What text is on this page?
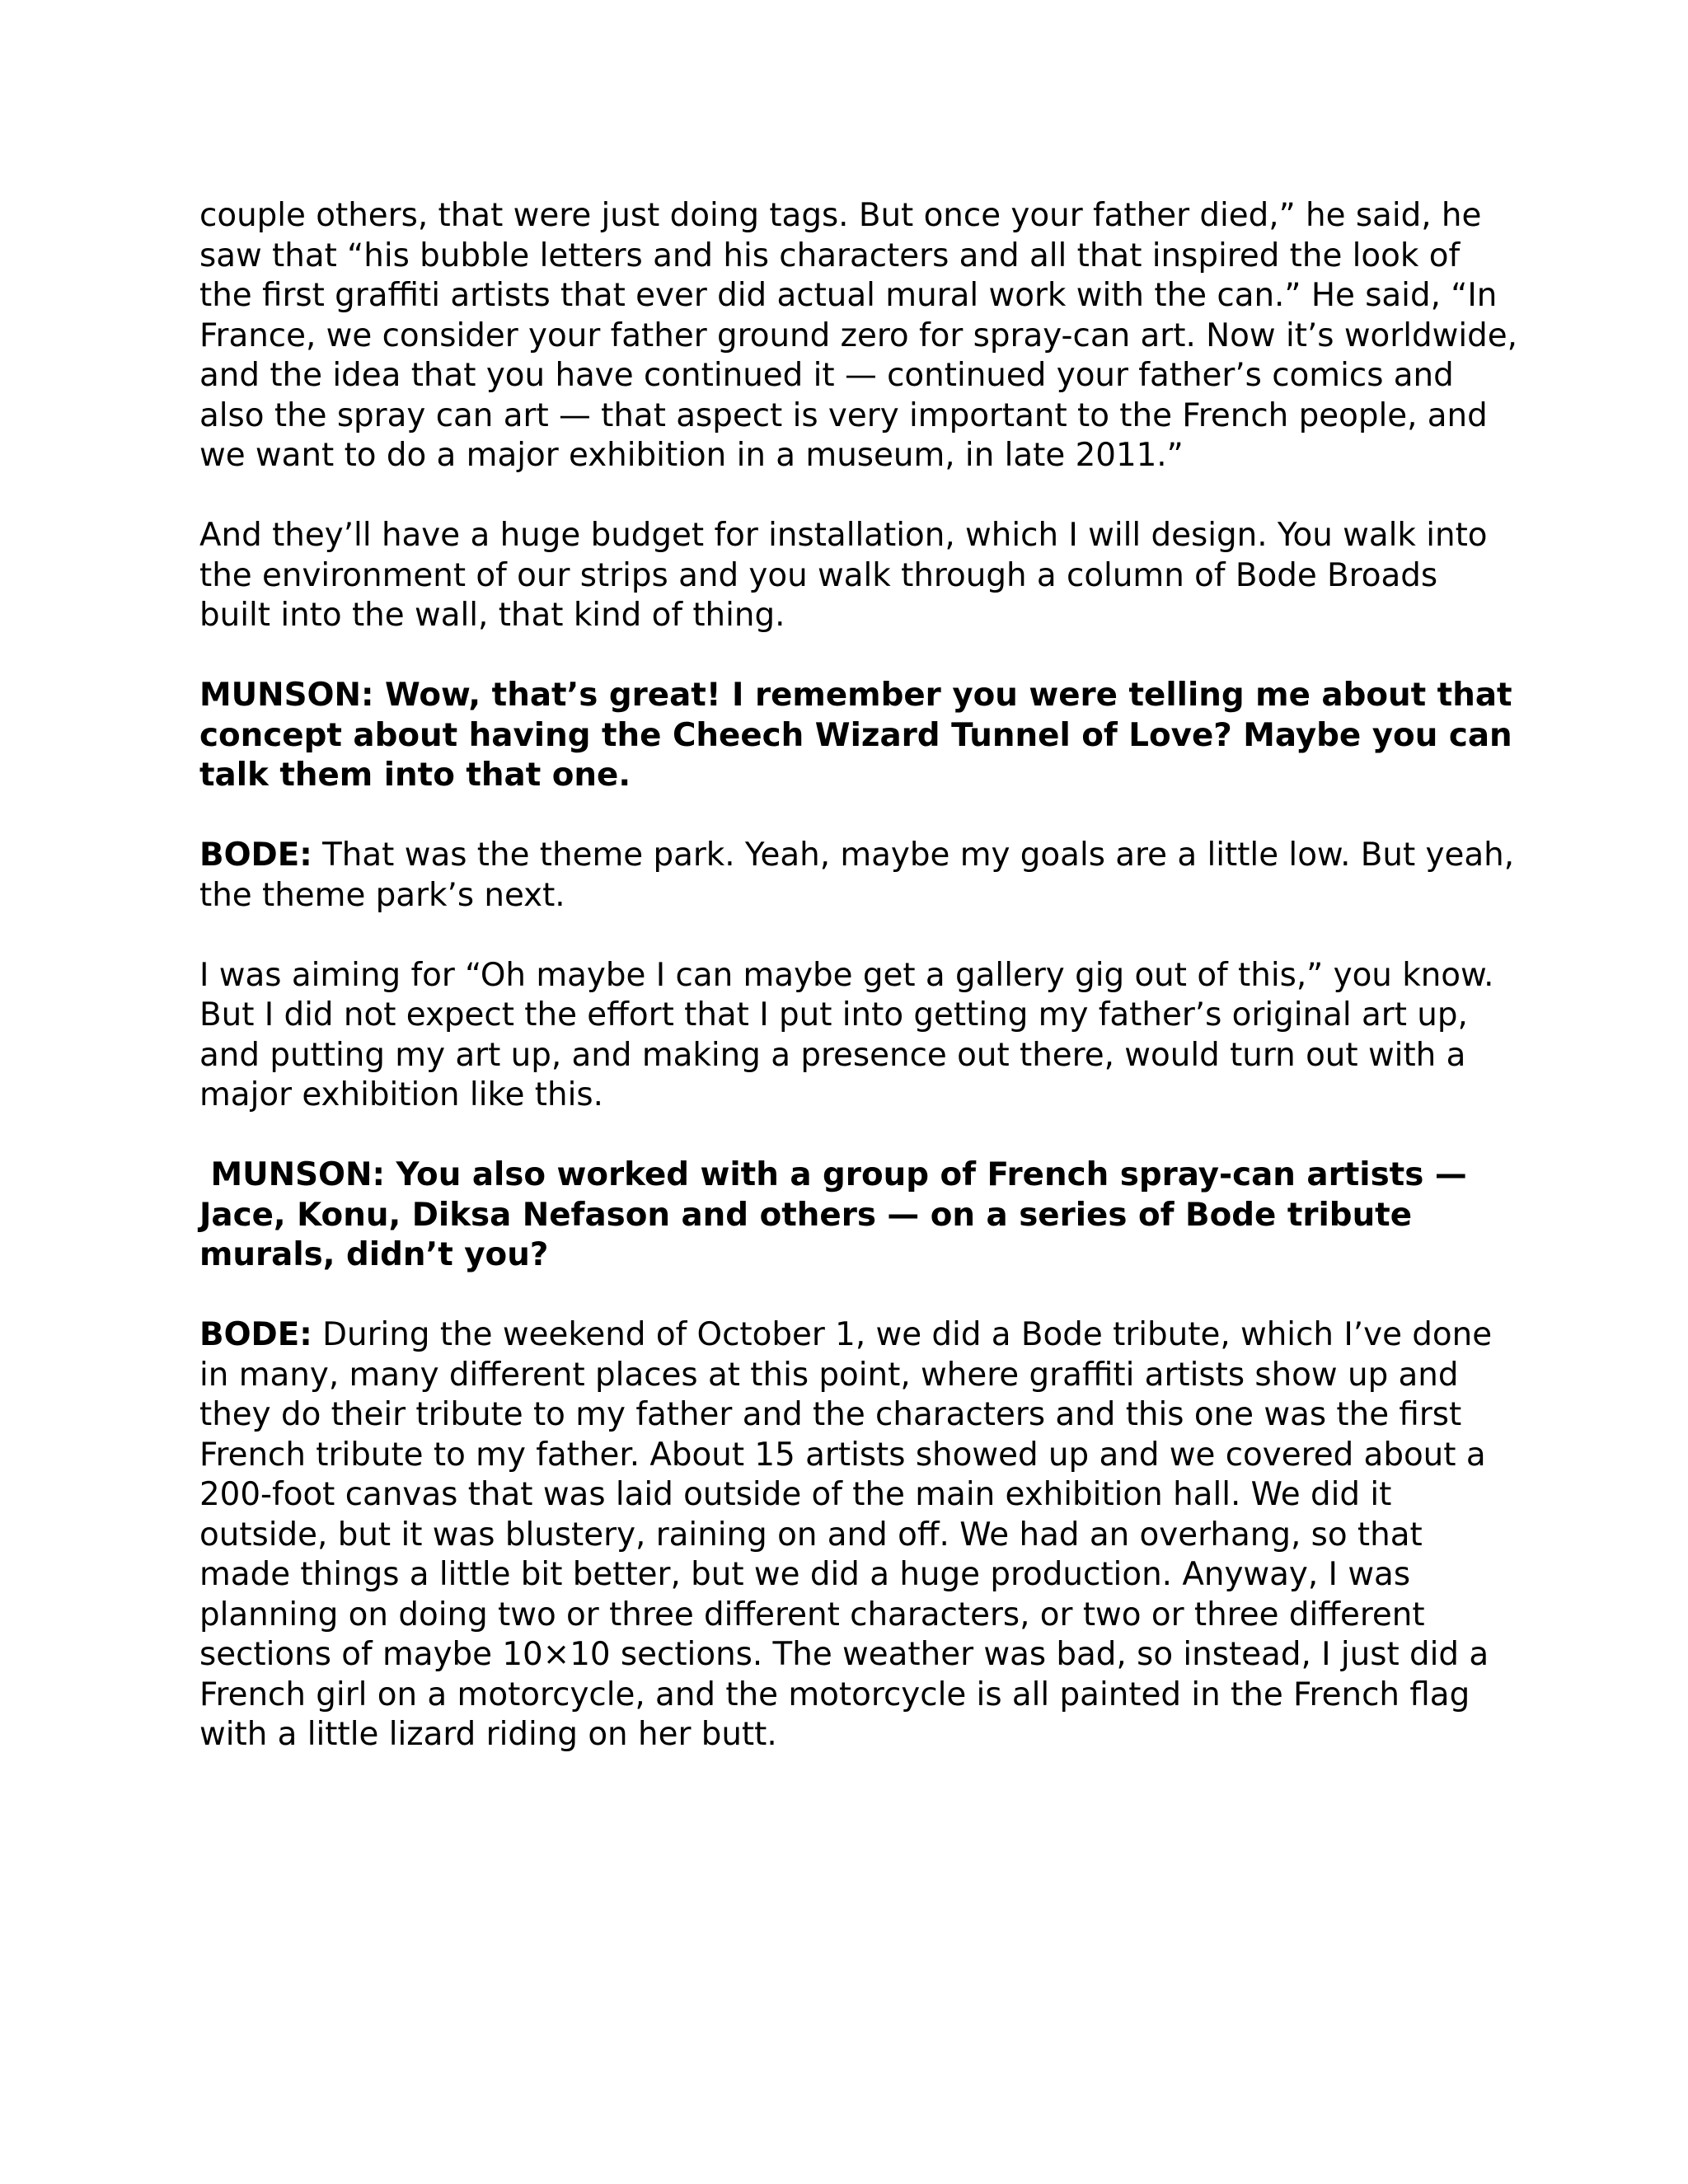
couple others, that were just doing tags. But once your father died,” he said, he saw that “his bubble letters and his characters and all that inspired the look of the first graffiti artists that ever did actual mural work with the can.” He said, “In France, we consider your father ground zero for spray-can art. Now it’s worldwide, and the idea that you have continued it — continued your father’s comics and also the spray can art — that aspect is very important to the French people, and we want to do a major exhibition in a museum, in late 2011.”

And they’ll have a huge budget for installation, which I will design. You walk into the environment of our strips and you walk through a column of Bode Broads built into the wall, that kind of thing.

MUNSON: Wow, that’s great! I remember you were telling me about that concept about having the Cheech Wizard Tunnel of Love? Maybe you can talk them into that one.

BODE: That was the theme park. Yeah, maybe my goals are a little low. But yeah, the theme park’s next.

I was aiming for “Oh maybe I can maybe get a gallery gig out of this,” you know. But I did not expect the effort that I put into getting my father’s original art up, and putting my art up, and making a presence out there, would turn out with a major exhibition like this.

MUNSON: You also worked with a group of French spray-can artists — Jace, Konu, Diksa Nefason and others — on a series of Bode tribute murals, didn’t you?

BODE: During the weekend of October 1, we did a Bode tribute, which I’ve done in many, many different places at this point, where graffiti artists show up and they do their tribute to my father and the characters and this one was the first French tribute to my father. About 15 artists showed up and we covered about a 200-foot canvas that was laid outside of the main exhibition hall. We did it outside, but it was blustery, raining on and off. We had an overhang, so that made things a little bit better, but we did a huge production. Anyway, I was planning on doing two or three different characters, or two or three different sections of maybe 10×10 sections. The weather was bad, so instead, I just did a French girl on a motorcycle, and the motorcycle is all painted in the French flag with a little lizard riding on her butt.
